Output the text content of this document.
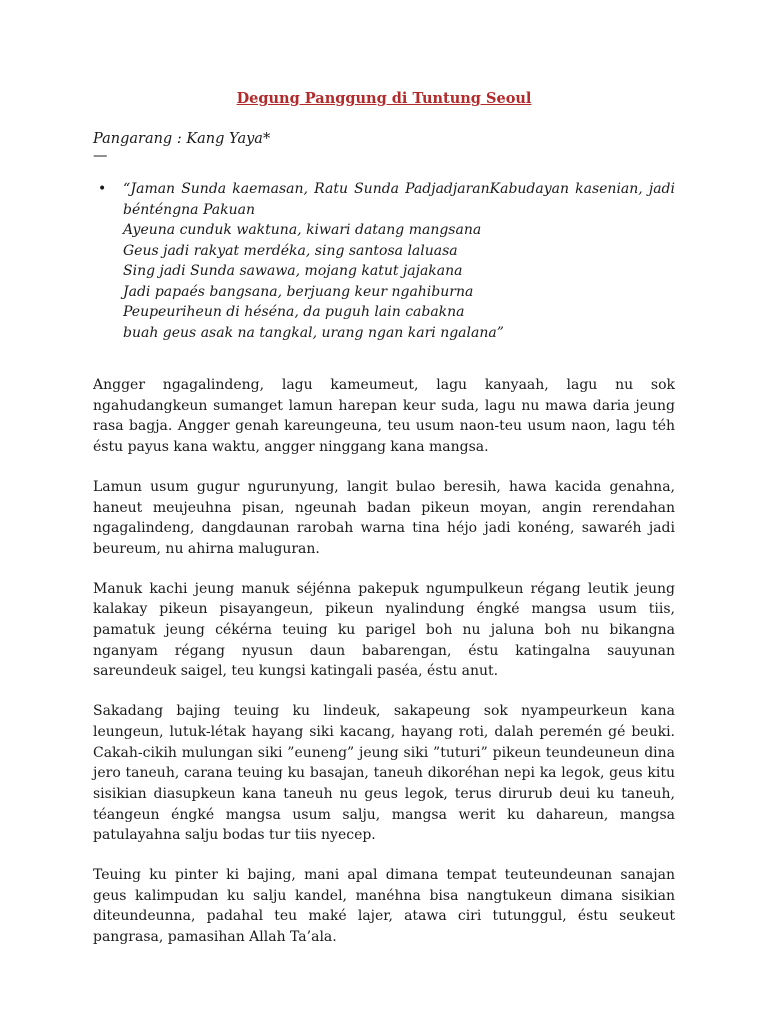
Degung Panggung di Tuntung Seoul

Pangarang : Kang Yaya*

—

• “Jaman Sunda kaemasan, Ratu Sunda PadjadjaranKabudayan kasenian, jadi

bénténgna Pakuan

Ayeuna cunduk waktuna, kiwari datang mangsana

Geus jadi rakyat merdéka, sing santosa laluasa

Sing jadi Sunda sawawa, mojang katut jajakana

Jadi papaés bangsana, berjuang keur ngahiburna

Peupeuriheun di héséna, da puguh lain cabakna

buah geus asak na tangkal, urang ngan kari ngalana”

Angger ngagalindeng, lagu kameumeut, lagu kanyaah, lagu nu sok ngahudangkeun sumanget lamun harepan keur suda, lagu nu mawa daria jeung rasa bagja. Angger genah kareungeuna, teu usum naon-teu usum naon, lagu téh éstu payus kana waktu, angger ninggang kana mangsa.

Lamun usum gugur ngurunyung, langit bulao beresih, hawa kacida genahna, haneut meujeuhna pisan, ngeunah badan pikeun moyan, angin rerendahan ngagalindeng, dangdaunan rarobah warna tina héjo jadi konéng, sawaréh jadi beureum, nu ahirna maluguran.

Manuk kachi jeung manuk séjénna pakepuk ngumpulkeun régang leutik jeung kalakay pikeun pisayangeun, pikeun nyalindung éngké mangsa usum tiis, pamatuk jeung cékérna teuing ku parigel boh nu jaluna boh nu bikangna nganyam régang nyusun daun babarengan, éstu katingalna sauyunan sareundeuk saigel, teu kungsi katingali paséa, éstu anut.

Sakadang bajing teuing ku lindeuk, sakapeung sok nyampeurkeun kana leungeun, lutuk-létak hayang siki kacang, hayang roti, dalah peremén gé beuki. Cakah-cikih mulungan siki ”euneng” jeung siki ”tuturi” pikeun teundeuneun dina jero taneuh, carana teuing ku basajan, taneuh dikoréhan nepi ka legok, geus kitu sisikian diasupkeun kana taneuh nu geus legok, terus dirurub deui ku taneuh, téangeun éngké mangsa usum salju, mangsa werit ku dahareun, mangsa patulayahna salju bodas tur tiis nyecep.

Teuing ku pinter ki bajing, mani apal dimana tempat teuteundeunan sanajan geus kalimpudan ku salju kandel, manéhna bisa nangtukeun dimana sisikian diteundeunna, padahal teu maké lajer, atawa ciri tutunggul, éstu seukeut pangrasa, pamasihan Allah Ta’ala.
